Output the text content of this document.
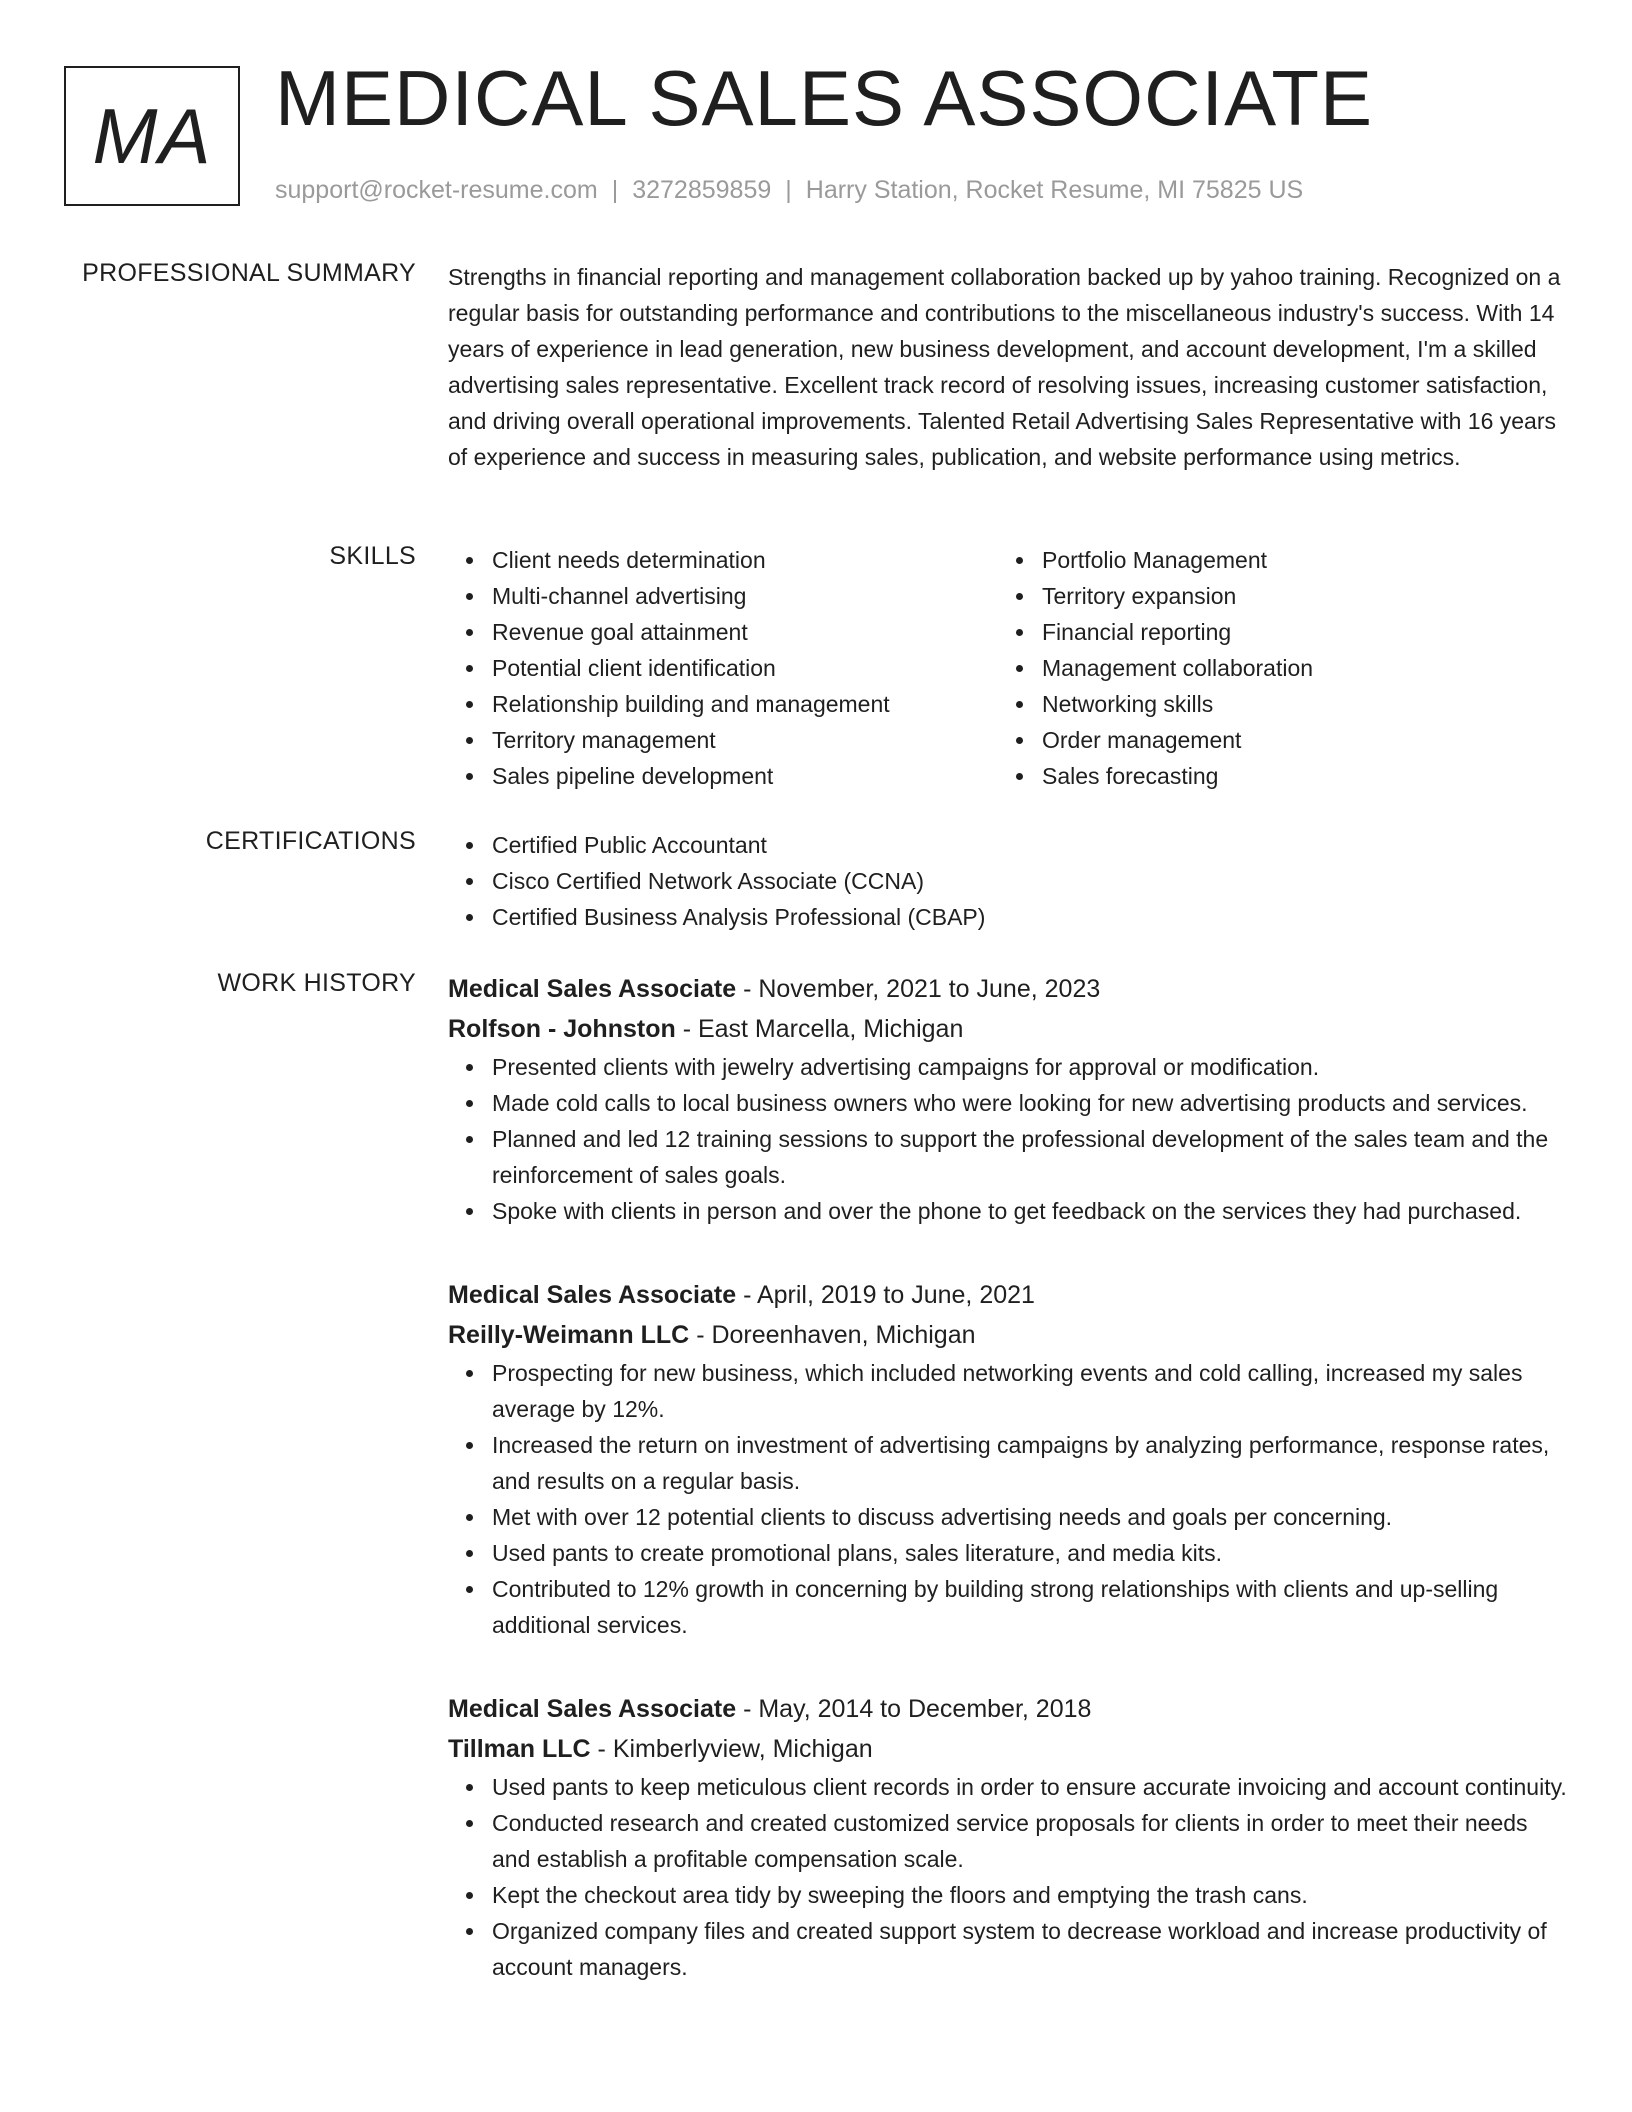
MA MEDICAL SALES ASSOCIATE
support@rocket-resume.com | 3272859859 | Harry Station, Rocket Resume, MI 75825 US
PROFESSIONAL SUMMARY Strengths in financial reporting and management collaboration backed up by yahoo training. Recognized on a regular basis for outstanding performance and contributions to the miscellaneous industry's success. With 14 years of experience in lead generation, new business development, and account development, I'm a skilled advertising sales representative. Excellent track record of resolving issues, increasing customer satisfaction, and driving overall operational improvements. Talented Retail Advertising Sales Representative with 16 years of experience and success in measuring sales, publication, and website performance using metrics.

SKILLS	Client needs determination
Multi-channel advertising
Revenue goal attainment
Potential client identification
Relationship building and management
Territory management
Sales pipeline development
Portfolio Management
Territory expansion
Financial reporting
Management collaboration
Networking skills
Order management
Sales forecasting
CERTIFICATIONS	Certified Public Accountant
Cisco Certified Network Associate (CCNA)
Certified Business Analysis Professional (CBAP)
WORK HISTORY Medical Sales Associate - November, 2021 to June, 2023
Rolfson - Johnston - East Marcella, Michigan
Presented clients with jewelry advertising campaigns for approval or modification.
Made cold calls to local business owners who were looking for new advertising products and services.
Planned and led 12 training sessions to support the professional development of the sales team and the reinforcement of sales goals.
Spoke with clients in person and over the phone to get feedback on the services they had purchased.
Medical Sales Associate - April, 2019 to June, 2021
Reilly-Weimann LLC - Doreenhaven, Michigan
Prospecting for new business, which included networking events and cold calling, increased my sales average by 12%.
Increased the return on investment of advertising campaigns by analyzing performance, response rates, and results on a regular basis.
Met with over 12 potential clients to discuss advertising needs and goals per concerning.
Used pants to create promotional plans, sales literature, and media kits.
Contributed to 12% growth in concerning by building strong relationships with clients and up-selling additional services.
Medical Sales Associate - May, 2014 to December, 2018
Tillman LLC - Kimberlyview, Michigan
Used pants to keep meticulous client records in order to ensure accurate invoicing and account continuity.
Conducted research and created customized service proposals for clients in order to meet their needs and establish a profitable compensation scale.
Kept the checkout area tidy by sweeping the floors and emptying the trash cans.
Organized company files and created support system to decrease workload and increase productivity of account managers.
